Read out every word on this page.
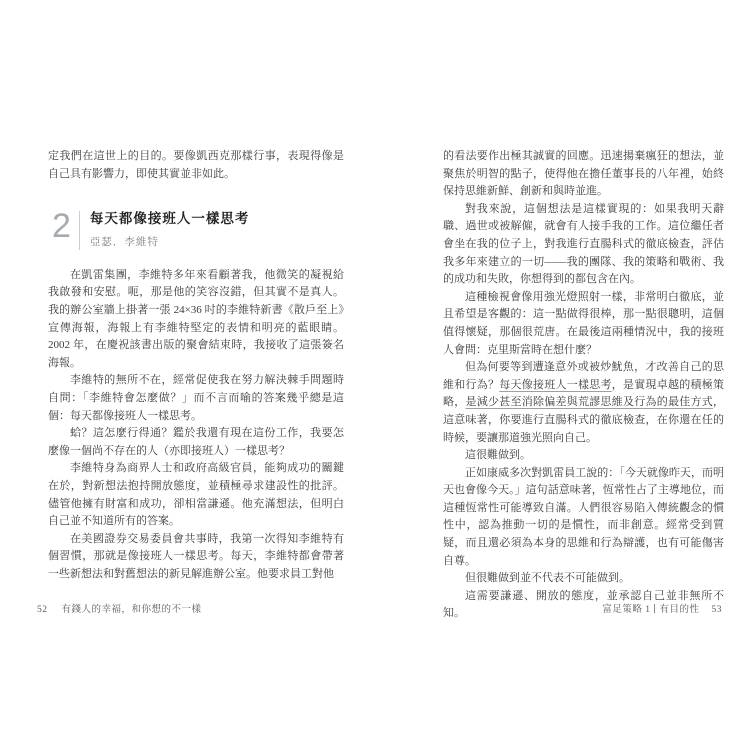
定我們在這世上的目的。要像凱西克那樣行事，表現得像是自己具有影響力，即使其實並非如此。

2	每天都像接班人一樣思考
亞瑟．李維特

在凱雷集團，李維特多年來看顧著我，他微笑的凝視給我啟發和安慰。呃，那是他的笑容沒錯，但其實不是真人。我的辦公室牆上掛著一張 24×36 吋的李維特新書《散戶至上》宣傳海報，海報上有李維特堅定的表情和明亮的藍眼睛。2002 年，在慶祝該書出版的聚會結束時，我接收了這張簽名海報。

李維特的無所不在，經常促使我在努力解決棘手問題時自問：「李維特會怎麼做？」而不言而喻的答案幾乎總是這個：每天都像接班人一樣思考。

蛤？這怎麼行得通？鑑於我還有現在這份工作，我要怎麼像一個尚不存在的人（亦即接班人）一樣思考？

李維特身為商界人士和政府高級官員，能夠成功的關鍵在於，對新想法抱持開放態度，並積極尋求建設性的批評。儘管他擁有財富和成功，卻相當謙遜。他充滿想法，但明白自己並不知道所有的答案。

在美國證券交易委員會共事時，我第一次得知李維特有個習慣，那就是像接班人一樣思考。每天，李維特都會帶著一些新想法和對舊想法的新見解進辦公室。他要求員工對他

的看法要作出極其誠實的回應。迅速揚棄瘋狂的想法，並聚焦於明智的點子，使得他在擔任董事長的八年裡，始終保持思維新鮮、創新和與時並進。

對我來說，這個想法是這樣實現的：如果我明天辭職、過世或被解僱，就會有人接手我的工作。這位繼任者會坐在我的位子上，對我進行直腸科式的徹底檢查，評估我多年來建立的一切——我的團隊、我的策略和戰術、我的成功和失敗，你想得到的都包含在內。

這種檢視會像用強光燈照射一樣，非常明白徹底，並且希望是客觀的：這一點做得很棒，那一點很聰明，這個值得懷疑，那個很荒唐。在最後這兩種情況中，我的接班人會問：克里斯當時在想什麼？

但為何要等到遭逢意外或被炒魷魚，才改善自己的思維和行為？每天像接班人一樣思考，是實現卓越的積極策略，是減少甚至消除偏差與荒謬思維及行為的最佳方式，這意味著，你要進行直腸科式的徹底檢查，在你還在任的時候，要讓那道強光照向自己。

這很難做到。

正如康威多次對凱雷員工說的：「今天就像昨天，而明天也會像今天。」這句話意味著，恆常性占了主導地位，而這種恆常性可能導致自滿。人們很容易陷入傳統觀念的慣性中，認為推動一切的是慣性，而非創意。經常受到質疑，而且還必須為本身的思維和行為辯護，也有可能傷害自尊。

但很難做到並不代表不可能做到。

這需要謙遜、開放的態度，並承認自己並非無所不知。

52 有錢人的幸福，和你想的不一樣	富足策略 1 有目的性 53
